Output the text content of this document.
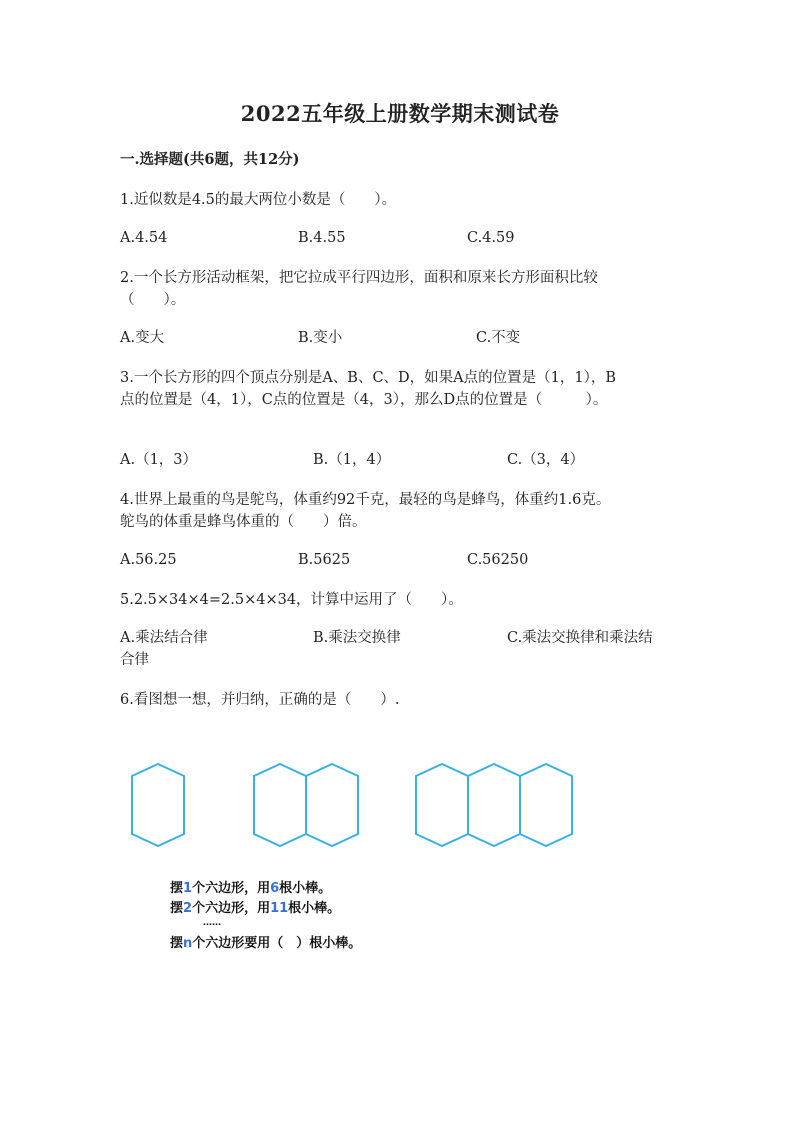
2022五年级上册数学期末测试卷

一.选择题(共6题，共12分)

1.近似数是4.5的最大两位小数是（　　）。

A.4.54	B.4.55	C.4.59

2.一个长方形活动框架，把它拉成平行四边形，面积和原来长方形面积比较

（　　）。

A.变大	B.变小	C.不变

3.一个长方形的四个顶点分别是A、B、C、D，如果A点的位置是（1，1），B

点的位置是（4，1），C点的位置是（4，3），那么D点的位置是（　　　）。

A.（1，3）	B.（1，4）	C.（3，4）

4.世界上最重的鸟是鸵鸟，体重约92千克，最轻的鸟是蜂鸟，体重约1.6克。

鸵鸟的体重是蜂鸟体重的（　　）倍。

A.56.25	B.5625	C.56250

5.2.5×34×4=2.5×4×34，计算中运用了（　　）。

A.乘法结合律	B.乘法交换律	C.乘法交换律和乘法结

合律

6.看图想一想，并归纳，正确的是（　　）.

摆1个六边形，用6根小棒。

摆2个六边形，用11根小棒。

……

摆n个六边形要用（　）根小棒。
